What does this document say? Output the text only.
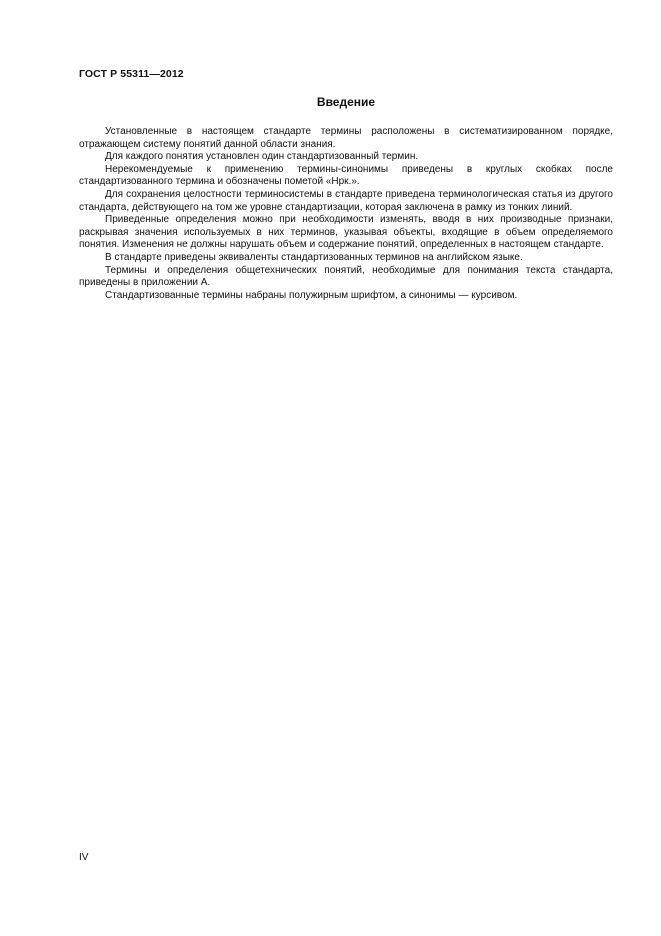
ГОСТ Р 55311—2012
Введение

Установленные в настоящем стандарте термины расположены в систематизированном порядке, отражающем систему понятий данной области знания.

Для каждого понятия установлен один стандартизованный термин.

Нерекомендуемые к применению термины-синонимы приведены в круглых скобках после стандартизованного термина и обозначены пометой «Нрк.».

Для сохранения целостности терминосистемы в стандарте приведена терминологическая статья из другого стандарта, действующего на том же уровне стандартизации, которая заключена в рамку из тонких линий.

Приведенные определения можно при необходимости изменять, вводя в них производные признаки, раскрывая значения используемых в них терминов, указывая объекты, входящие в объем определяемого понятия. Изменения не должны нарушать объем и содержание понятий, определенных в настоящем стандарте.

В стандарте приведены эквиваленты стандартизованных терминов на английском языке.

Термины и определения общетехнических понятий, необходимые для понимания текста стандарта, приведены в приложении А.

Стандартизованные термины набраны полужирным шрифтом, а синонимы — курсивом.

IV
